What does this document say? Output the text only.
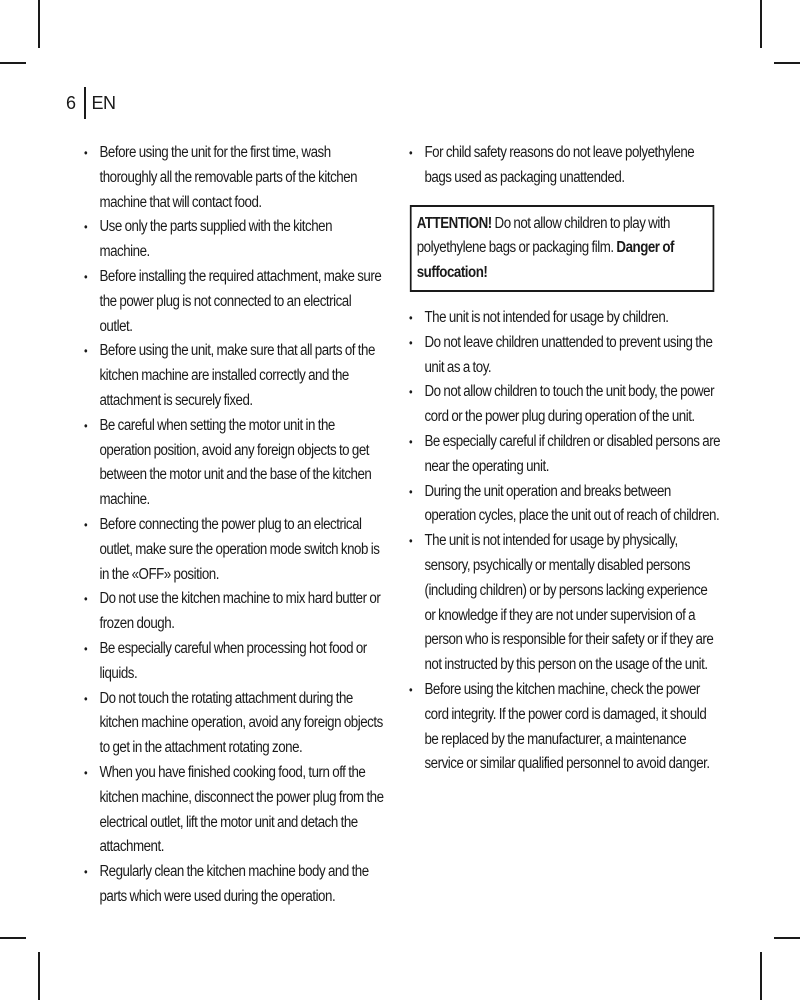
6 EN
• Before using the unit for the first time, wash thoroughly all the removable parts of the kitchen machine that will contact food.
• Use only the parts supplied with the kitchen machine.
• Before installing the required attachment, make sure the power plug is not connected to an electrical outlet.
• Before using the unit, make sure that all parts of the kitchen machine are installed correctly and the attachment is securely fixed.
• Be careful when setting the motor unit in the operation position, avoid any foreign objects to get between the motor unit and the base of the kitchen machine.
• Before connecting the power plug to an electrical outlet, make sure the operation mode switch knob is in the «OFF» position.
• Do not use the kitchen machine to mix hard butter or frozen dough.
• Be especially careful when processing hot food or liquids.
• Do not touch the rotating attachment during the kitchen machine operation, avoid any foreign objects to get in the attachment rotating zone.
• When you have finished cooking food, turn off the kitchen machine, disconnect the power plug from the electrical outlet, lift the motor unit and detach the attachment.
• Regularly clean the kitchen machine body and the parts which were used during the operation.
• For child safety reasons do not leave polyethylene bags used as packaging unattended.
ATTENTION! Do not allow children to play with polyethylene bags or packaging film. Danger of suffocation!
• The unit is not intended for usage by children.
• Do not leave children unattended to prevent using the unit as a toy.
• Do not allow children to touch the unit body, the power cord or the power plug during operation of the unit.
• Be especially careful if children or disabled persons are near the operating unit.
• During the unit operation and breaks between operation cycles, place the unit out of reach of children.
• The unit is not intended for usage by physically, sensory, psychically or mentally disabled persons (including children) or by persons lacking experience or knowledge if they are not under supervision of a person who is responsible for their safety or if they are not instructed by this person on the usage of the unit.
• Before using the kitchen machine, check the power cord integrity. If the power cord is damaged, it should be replaced by the manufacturer, a maintenance service or similar qualified personnel to avoid danger.
